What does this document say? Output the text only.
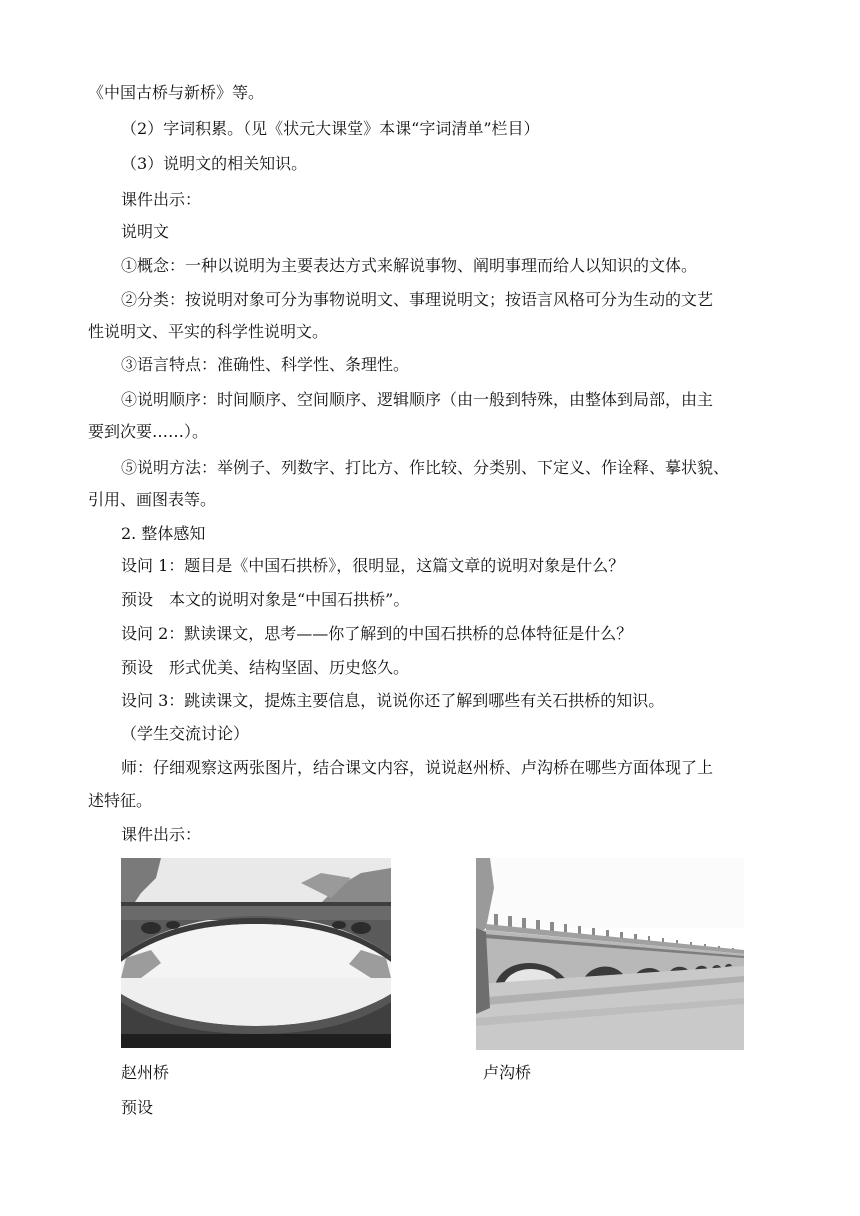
《中国古桥与新桥》等。
（2）字词积累。（见《状元大课堂》本课“字词清单”栏目）
（3）说明文的相关知识。
课件出示：
说明文
①概念：一种以说明为主要表达方式来解说事物、阐明事理而给人以知识的文体。
②分类：按说明对象可分为事物说明文、事理说明文；按语言风格可分为生动的文艺
性说明文、平实的科学性说明文。
③语言特点：准确性、科学性、条理性。
④说明顺序：时间顺序、空间顺序、逻辑顺序（由一般到特殊，由整体到局部，由主
要到次要……）。
⑤说明方法：举例子、列数字、打比方、作比较、分类别、下定义、作诠释、摹状貌、
引用、画图表等。
2. 整体感知
设问 1：题目是《中国石拱桥》，很明显，这篇文章的说明对象是什么？
预设　本文的说明对象是“中国石拱桥”。
设问 2：默读课文，思考——你了解到的中国石拱桥的总体特征是什么？
预设　形式优美、结构坚固、历史悠久。
设问 3：跳读课文，提炼主要信息，说说你还了解到哪些有关石拱桥的知识。
（学生交流讨论）
师：仔细观察这两张图片，结合课文内容，说说赵州桥、卢沟桥在哪些方面体现了上
述特征。
课件出示：
赵州桥	卢沟桥
预设
